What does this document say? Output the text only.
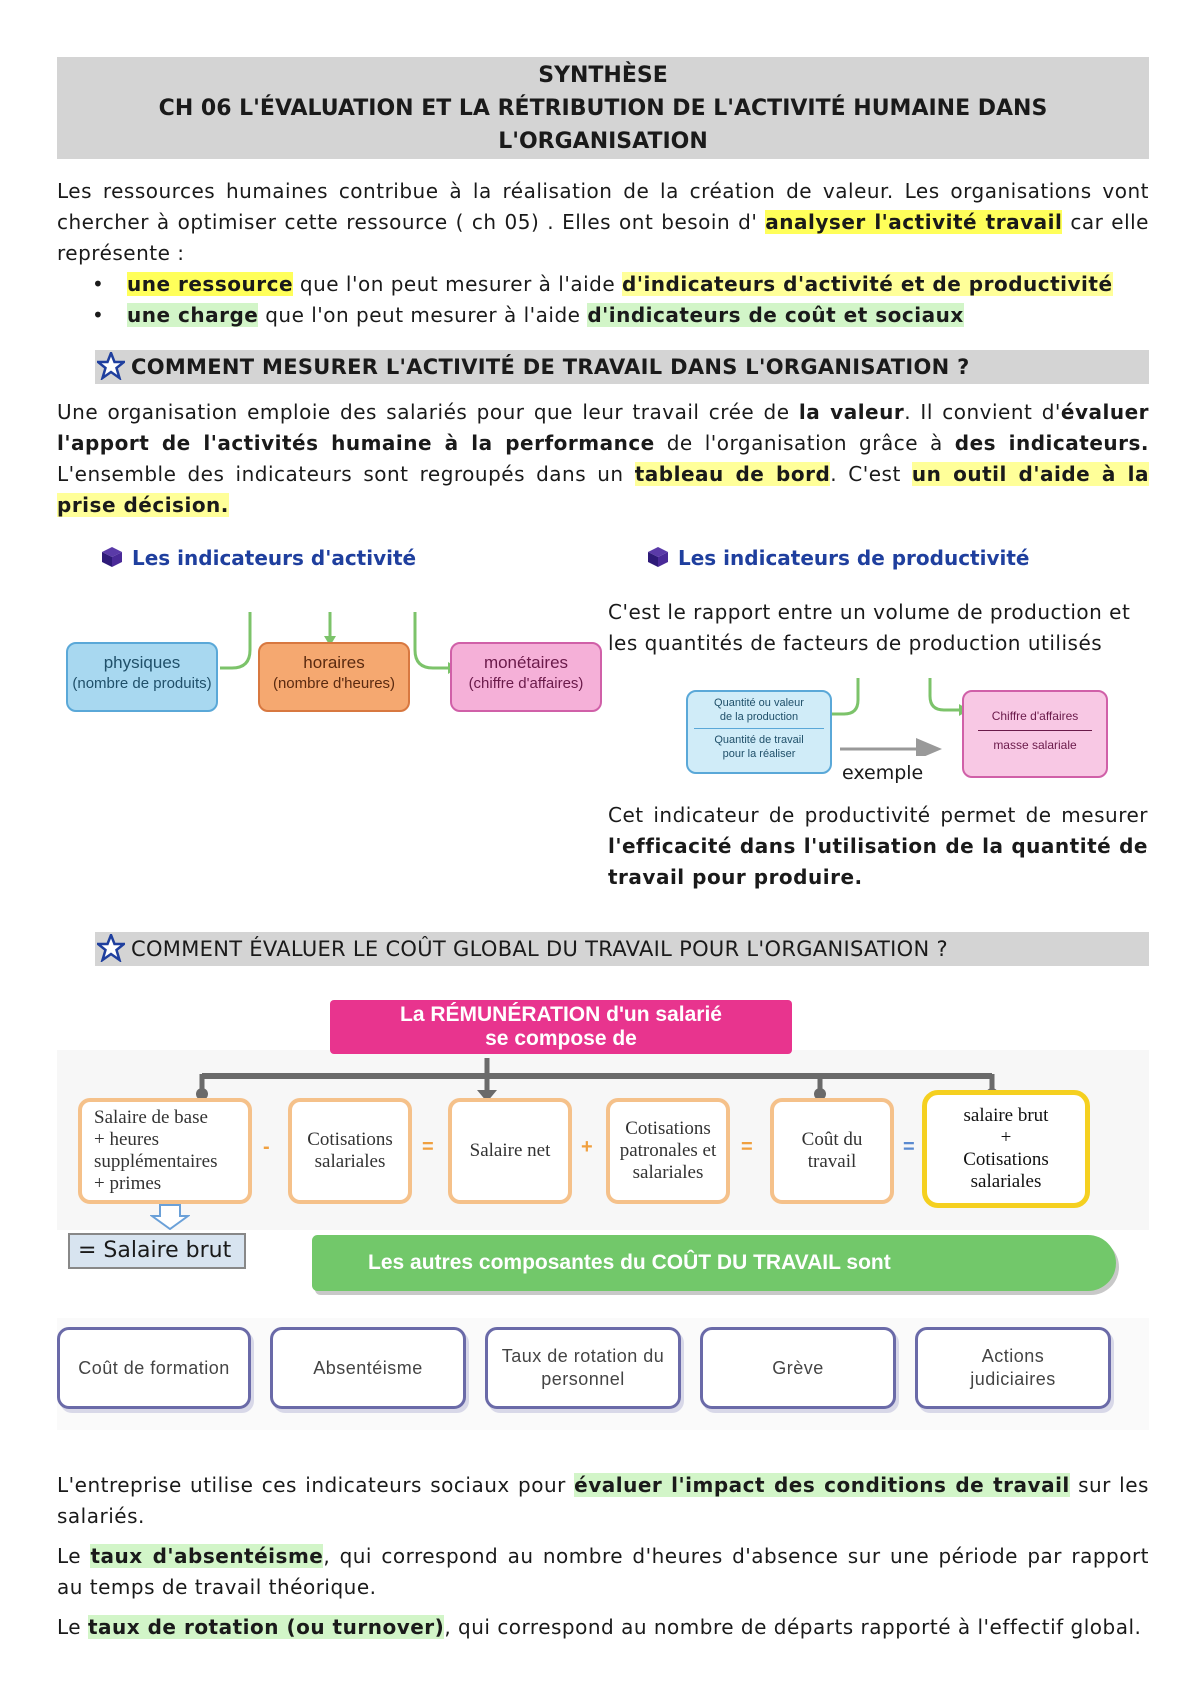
SYNTHÈSE
CH 06 L'ÉVALUATION ET LA RÉTRIBUTION DE L'ACTIVITÉ HUMAINE DANS
L'ORGANISATION
Les ressources humaines contribue à la réalisation de la création de valeur. Les organisations vont chercher à optimiser cette ressource ( ch 05) . Elles ont besoin d' analyser l'activité travail car elle représente :
• une ressource que l'on peut mesurer à l'aide d'indicateurs d'activité et de productivité
• une charge que l'on peut mesurer à l'aide d'indicateurs de coût et sociaux
COMMENT MESURER L'ACTIVITÉ DE TRAVAIL DANS L'ORGANISATION ?
Une organisation emploie des salariés pour que leur travail crée de la valeur. Il convient d'évaluer l'apport de l'activités humaine à la performance de l'organisation grâce à des indicateurs. L'ensemble des indicateurs sont regroupés dans un tableau de bord. C'est un outil d'aide à la prise décision.
Les indicateurs d'activité
physiques
(nombre de produits)
horaires
(nombre d'heures)
monétaires
(chiffre d'affaires)
Les indicateurs de productivité
C'est le rapport entre un volume de production et les quantités de facteurs de production utilisés
Quantité ou valeur de la production
Quantité de travail pour la réaliser
Chiffre d'affaires
masse salariale
exemple
Cet indicateur de productivité permet de mesurer l'efficacité dans l'utilisation de la quantité de travail pour produire.
COMMENT ÉVALUER LE COÛT GLOBAL DU TRAVAIL POUR L'ORGANISATION ?
La RÉMUNÉRATION d'un salarié
se compose de
Salaire de base
+ heures
supplémentaires
+ primes
-	Cotisations salariales
=	Salaire net	+
Cotisations patronales et salariales
=	Coût du travail
=
salaire brut
+
Cotisations salariales
= Salaire brut	Les autres composantes du COÛT DU TRAVAIL sont
Coût de formation	Absentéisme
Taux de rotation du personnel
Grève
Actions judiciaires
L'entreprise utilise ces indicateurs sociaux pour évaluer l'impact des conditions de travail sur les salariés.
Le taux d'absentéisme, qui correspond au nombre d'heures d'absence sur une période par rapport au temps de travail théorique.
Le taux de rotation (ou turnover), qui correspond au nombre de départs rapporté à l'effectif global.
